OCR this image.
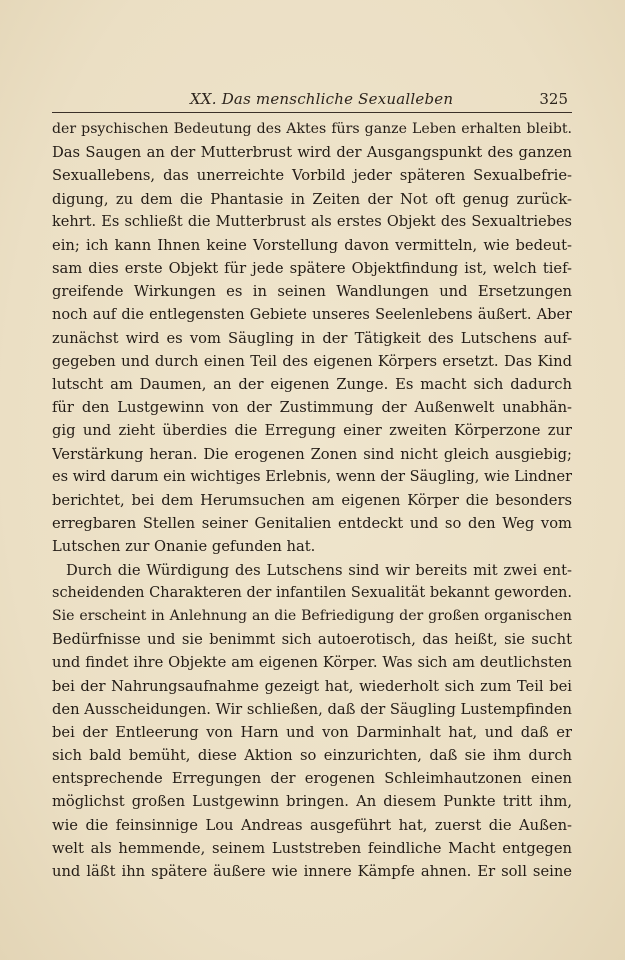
XX. Das menschliche Sexualleben	325
der psychischen Bedeutung des Aktes fürs ganze Leben erhalten bleibt.
Das Saugen an der Mutterbrust wird der Ausgangspunkt des ganzen
Sexuallebens, das unerreichte Vorbild jeder späteren Sexualbefrie-
digung, zu dem die Phantasie in Zeiten der Not oft genug zurück-
kehrt. Es schließt die Mutterbrust als erstes Objekt des Sexualtriebes
ein; ich kann Ihnen keine Vorstellung davon vermitteln, wie bedeut-
sam dies erste Objekt für jede spätere Objektfindung ist, welch tief-
greifende Wirkungen es in seinen Wandlungen und Ersetzungen
noch auf die entlegensten Gebiete unseres Seelenlebens äußert. Aber
zunächst wird es vom Säugling in der Tätigkeit des Lutschens auf-
gegeben und durch einen Teil des eigenen Körpers ersetzt. Das Kind
lutscht am Daumen, an der eigenen Zunge. Es macht sich dadurch
für den Lustgewinn von der Zustimmung der Außenwelt unabhän-
gig und zieht überdies die Erregung einer zweiten Körperzone zur
Verstärkung heran. Die erogenen Zonen sind nicht gleich ausgiebig;
es wird darum ein wichtiges Erlebnis, wenn der Säugling, wie Lindner
berichtet, bei dem Herumsuchen am eigenen Körper die besonders
erregbaren Stellen seiner Genitalien entdeckt und so den Weg vom
Lutschen zur Onanie gefunden hat.
Durch die Würdigung des Lutschens sind wir bereits mit zwei ent-
scheidenden Charakteren der infantilen Sexualität bekannt geworden.
Sie erscheint in Anlehnung an die Befriedigung der großen organischen
Bedürfnisse und sie benimmt sich autoerotisch, das heißt, sie sucht
und findet ihre Objekte am eigenen Körper. Was sich am deutlichsten
bei der Nahrungsaufnahme gezeigt hat, wiederholt sich zum Teil bei
den Ausscheidungen. Wir schließen, daß der Säugling Lustempfinden
bei der Entleerung von Harn und von Darminhalt hat, und daß er
sich bald bemüht, diese Aktion so einzurichten, daß sie ihm durch
entsprechende Erregungen der erogenen Schleimhautzonen einen
möglichst großen Lustgewinn bringen. An diesem Punkte tritt ihm,
wie die feinsinnige Lou Andreas ausgeführt hat, zuerst die Außen-
welt als hemmende, seinem Luststreben feindliche Macht entgegen
und läßt ihn spätere äußere wie innere Kämpfe ahnen. Er soll seine
